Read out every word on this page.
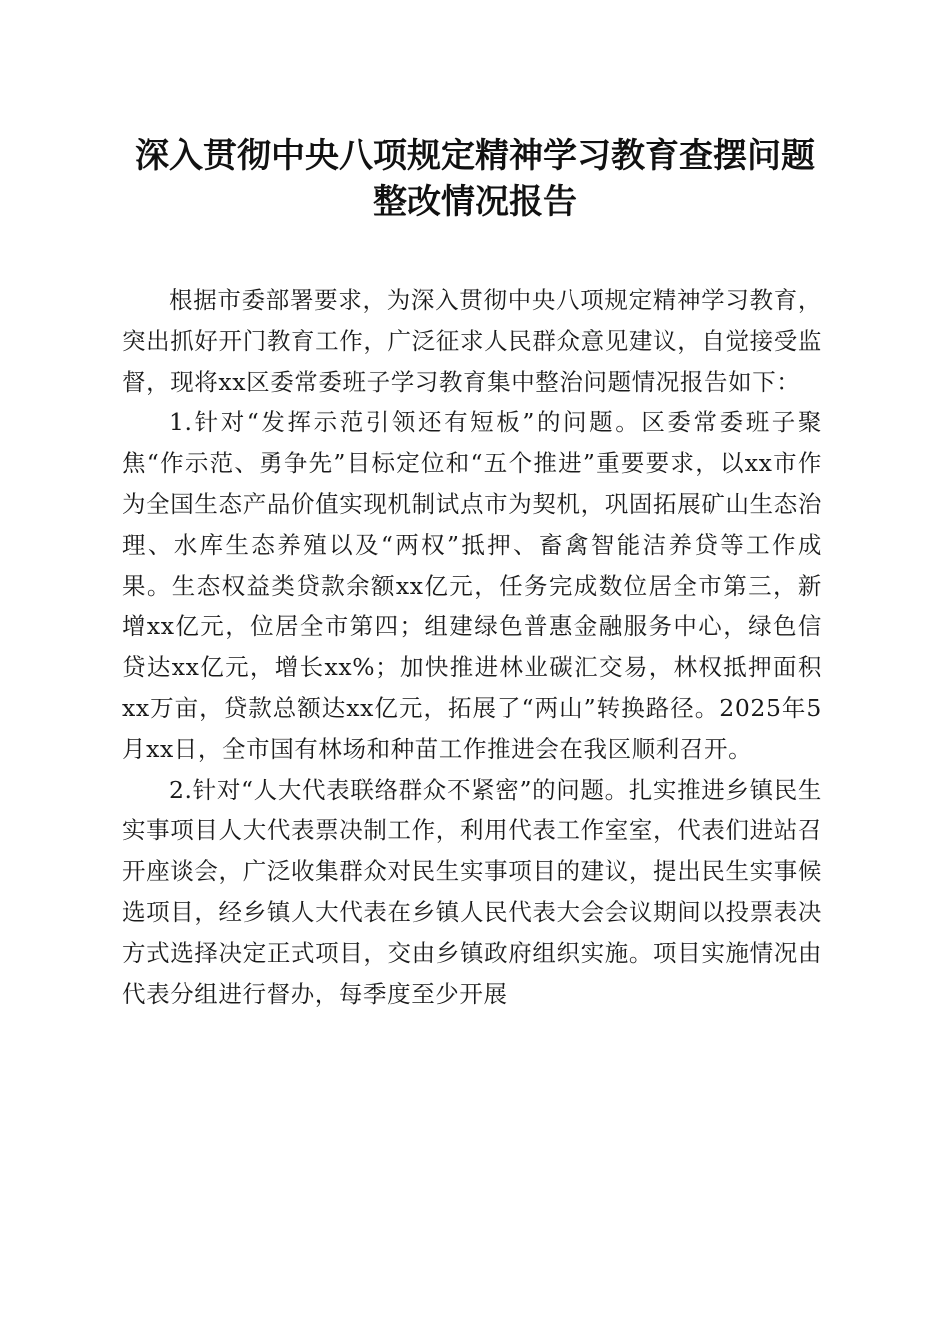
深入贯彻中央八项规定精神学习教育查摆问题
整改情况报告

根据市委部署要求，为深入贯彻中央八项规定精神学习教育，突出抓好开门教育工作，广泛征求人民群众意见建议，自觉接受监督，现将xx区委常委班子学习教育集中整治问题情况报告如下：

1.针对“发挥示范引领还有短板”的问题。区委常委班子聚焦“作示范、勇争先”目标定位和“五个推进”重要要求，以xx市作为全国生态产品价值实现机制试点市为契机，巩固拓展矿山生态治理、水库生态养殖以及“两权”抵押、畜禽智能洁养贷等工作成果。生态权益类贷款余额xx亿元，任务完成数位居全市第三，新增xx亿元，位居全市第四；组建绿色普惠金融服务中心，绿色信贷达xx亿元，增长xx%；加快推进林业碳汇交易，林权抵押面积xx万亩，贷款总额达xx亿元，拓展了“两山”转换路径。2025年5月xx日，全市国有林场和种苗工作推进会在我区顺利召开。

2.针对“人大代表联络群众不紧密”的问题。扎实推进乡镇民生实事项目人大代表票决制工作，利用代表工作室室，代表们进站召开座谈会，广泛收集群众对民生实事项目的建议，提出民生实事候选项目，经乡镇人大代表在乡镇人民代表大会会议期间以投票表决方式选择决定正式项目，交由乡镇政府组织实施。项目实施情况由代表分组进行督办，每季度至少开展
